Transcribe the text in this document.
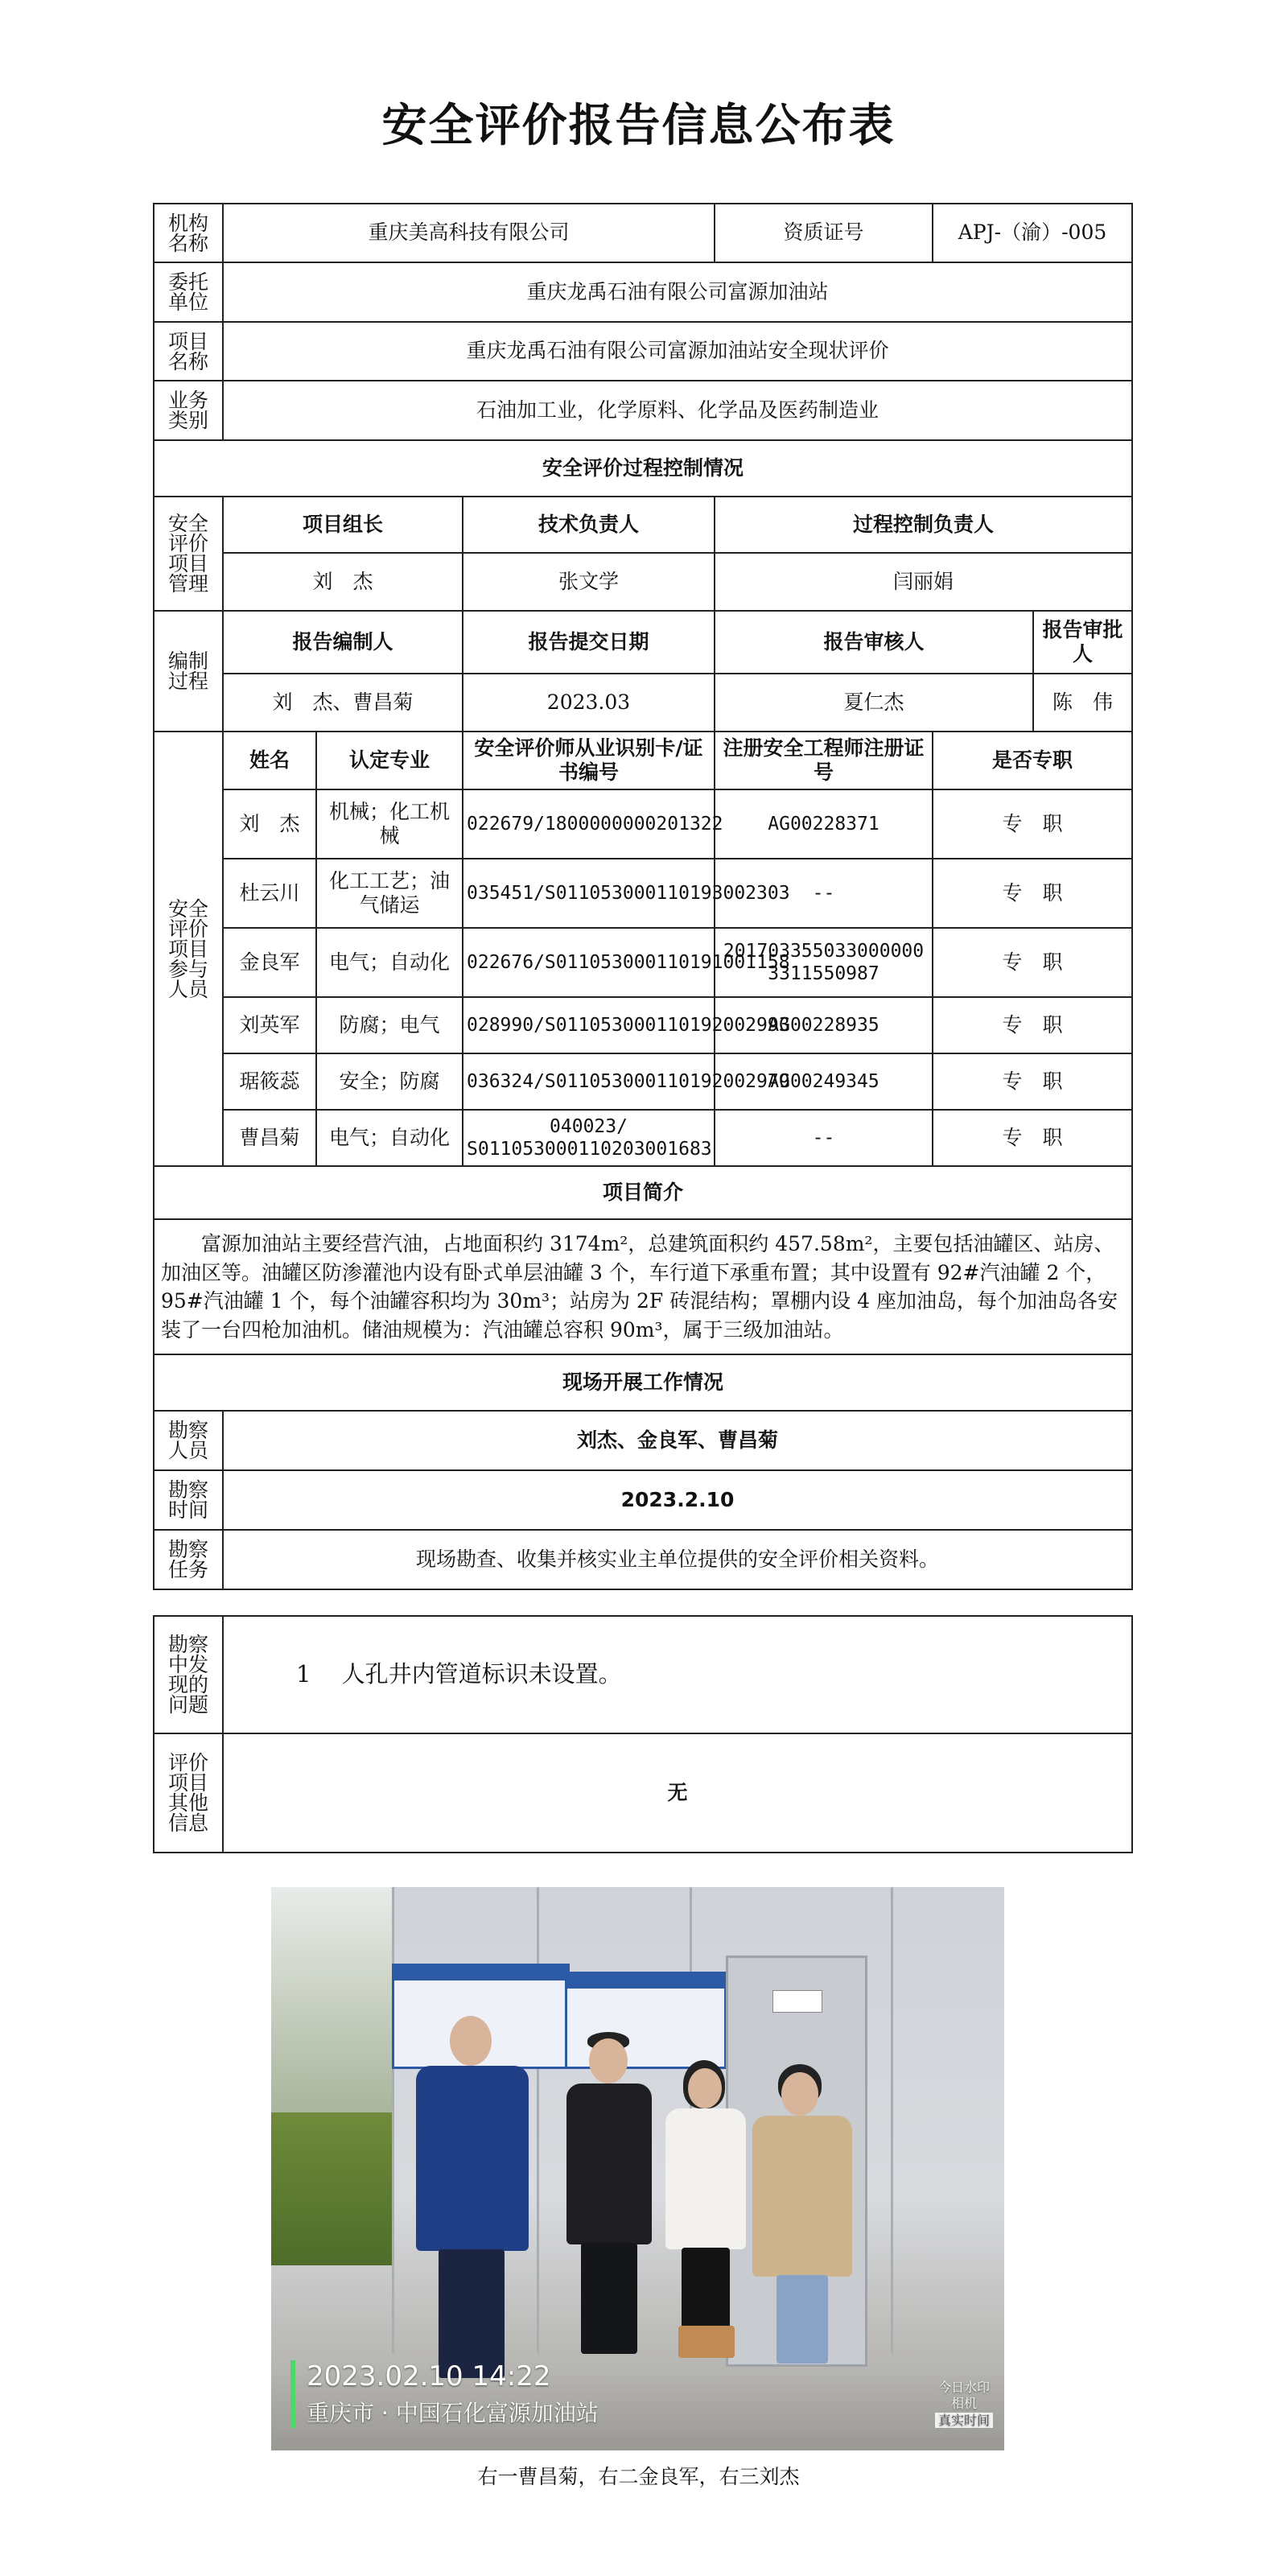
安全评价报告信息公布表
机构名称	重庆美高科技有限公司			资质证号	APJ-（渝）-005	

委托单位	重庆龙禹石油有限公司富源加油站					

项目名称	重庆龙禹石油有限公司富源加油站安全现状评价					

业务类别	石油加工业，化学原料、化学品及医药制造业					
安全评价过程控制情况						

安全评价项目管理	项目组长		技术负责人	过程控制负责人		
	刘　杰		张文学	闫丽娟		

编制过程	报告编制人		报告提交日期	报告审核人		报告审批人
	刘　杰、曹昌菊		2023.03	夏仁杰		陈　伟

安全评价项目参与人员	姓名	认定专业	安全评价师从业识别卡/证书编号	注册安全工程师注册证号	是否专职	
	刘　杰	机械；化工机械	022679/1800000000201322	AG00228371	专　职	
	杜云川	化工工艺；油气储运	035451/S011053000110193002303	--	专　职	
	金良军	电气；自动化	022676/S011053000110191001158	2017033550330000003311550987	专　职	
	刘英军	防腐；电气	028990/S011053000110192002993	AG00228935	专　职	
	琚筱蕊	安全；防腐	036324/S011053000110192002979	AG00249345	专　职	
	曹昌菊	电气；自动化	040023/ S011053000110203001683	--	专　职	
项目简介						
富源加油站主要经营汽油，占地面积约 3174m²，总建筑面积约 457.58m²，主要包括油罐区、站房、加油区等。油罐区防渗灌池内设有卧式单层油罐 3 个，车行道下承重布置；其中设置有 92#汽油罐 2 个，95#汽油罐 1 个，每个油罐容积均为 30m³；站房为 2F 砖混结构；罩棚内设 4 座加油岛，每个加油岛各安装了一台四枪加油机。储油规模为：汽油罐总容积 90m³，属于三级加油站。						
现场开展工作情况						

勘察人员	刘杰、金良军、曹昌菊					

勘察时间	2023.2.10					

勘察任务	现场勘查、收集并核实业主单位提供的安全评价相关资料。					
勘察中发现的问题	1　 人孔井内管道标识未设置。

评价项目其他信息	无
2023.02.10 14:22
重庆市 · 中国石化富源加油站
今日水印
相机
真实时间
右一曹昌菊，右二金良军，右三刘杰
